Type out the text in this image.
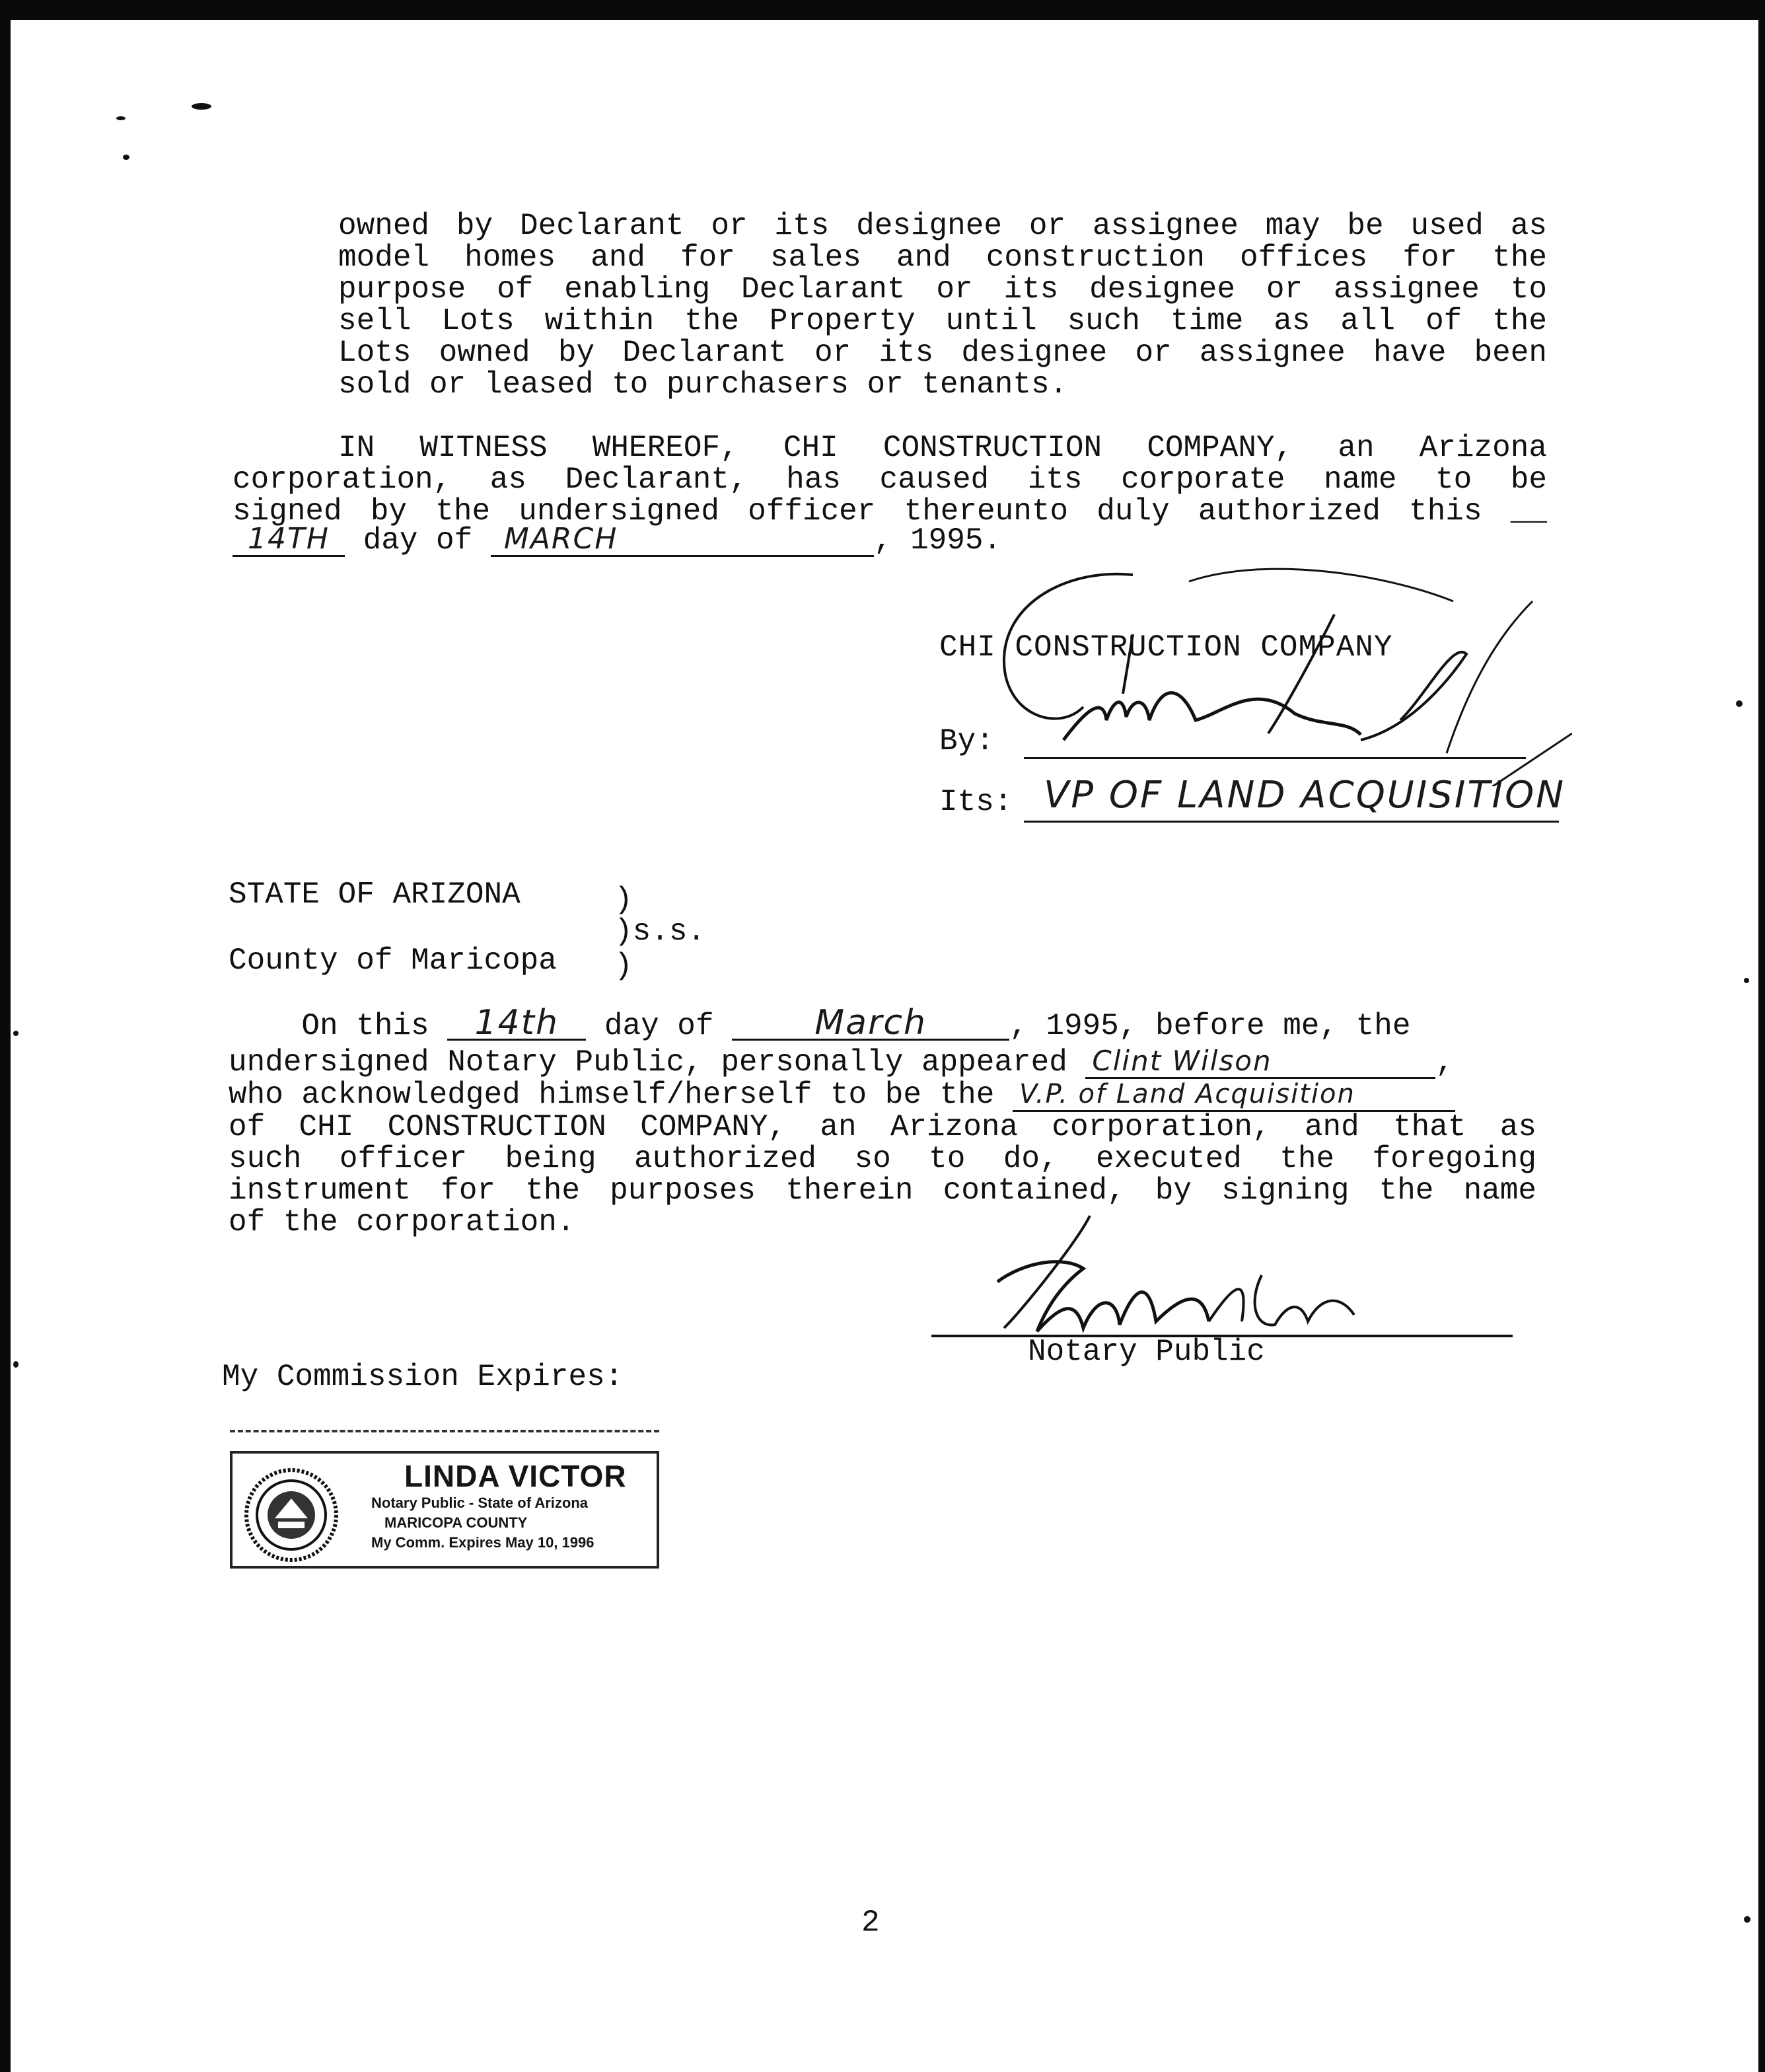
owned by Declarant or its designee or assignee may be used as
model homes and for sales and construction offices for the
purpose of enabling Declarant or its designee or assignee to
sell Lots within the Property until such time as all of the
Lots owned by Declarant or its designee or assignee have been
sold or leased to purchasers or tenants.
IN WITNESS WHEREOF, CHI CONSTRUCTION COMPANY, an Arizona
corporation, as Declarant, has caused its corporate name to be
signed by the undersigned officer thereunto duly authorized this __
14TH day of MARCH	, 1995.
CHI CONSTRUCTION COMPANY
By:
Its: VP OF LAND ACQUISITION
STATE OF ARIZONA	)
)s.s.
County of Maricopa )
On this 14th day of	March	, 1995, before me, the
undersigned Notary Public, personally appeared Clint Wilson	,
who acknowledged himself/herself to be the V.P. of Land Acquisition
of CHI CONSTRUCTION COMPANY, an Arizona corporation, and that as
such officer being authorized so to do, executed the foregoing
instrument for the purposes therein contained, by signing the name
of the corporation.
Notary Public
My Commission Expires:
LINDA VICTOR
Notary Public - State of Arizona
MARICOPA COUNTY
My Comm. Expires May 10, 1996
2
